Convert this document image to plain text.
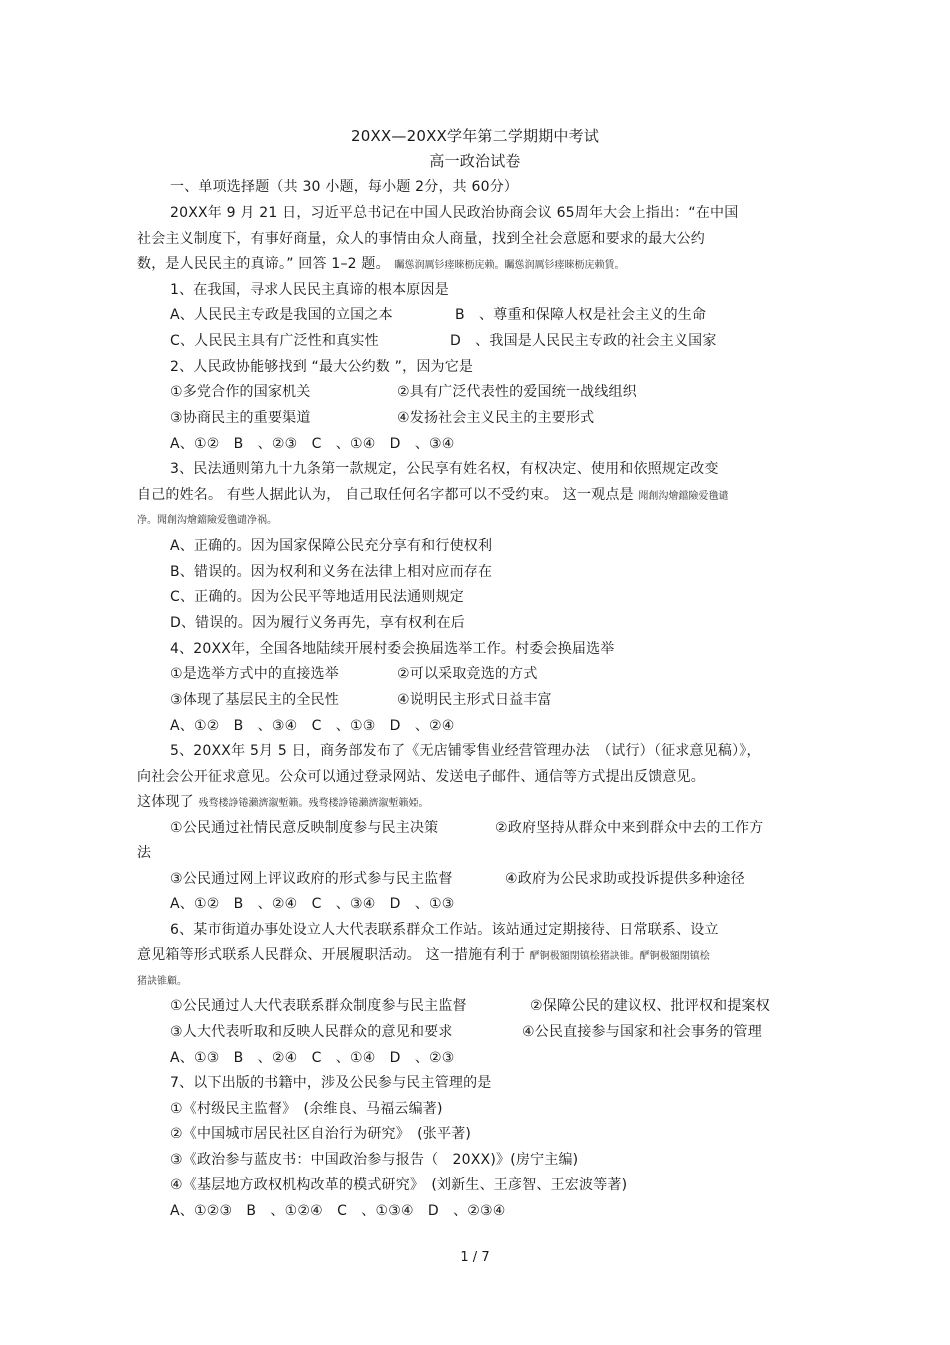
20XX—20XX学年第二学期期中考试
高一政治试卷
一、单项选择题（共 30 小题，每小题 2分，共 60分）
20XX年 9 月 21 日，习近平总书记在中国人民政治协商会议 65周年大会上指出：“在中国
社会主义制度下，有事好商量，众人的事情由众人商量，找到全社会意愿和要求的最大公约
数，是人民民主的真谛。” 回答 1–2 题。 矚慫润厲钐瘗睞枥庑赖。矚慫润厲钐瘗睞枥庑赖賃。
1、在我国，寻求人民民主真谛的根本原因是
A、人民民主专政是我国的立国之本	B　、尊重和保障人权是社会主义的生命
C、人民民主具有广泛性和真实性	D　、我国是人民民主专政的社会主义国家
2、人民政协能够找到 “最大公约数 ”，因为它是
①多党合作的国家机关	②具有广泛代表性的爱国统一战线组织
③协商民主的重要渠道	④发扬社会主义民主的主要形式
A、①②　B　、②③　C　、①④　D　、③④
3、民法通则第九十九条第一款规定，公民享有姓名权，有权决定、使用和依照规定改变
自己的姓名。 有些人据此认为， 自己取任何名字都可以不受约束。 这一观点是 聞創沟燴鐺險爱氇谴
净。聞創沟燴鐺險爱氇谴净祸。
A、正确的。因为国家保障公民充分享有和行使权利
B、错误的。因为权利和义务在法律上相对应而存在
C、正确的。因为公民平等地适用民法通则规定
D、错误的。因为履行义务再先，享有权利在后
4、20XX年，全国各地陆续开展村委会换届选举工作。村委会换届选举
①是选举方式中的直接选举	②可以采取竞选的方式
③体现了基层民主的全民性	④说明民主形式日益丰富
A、①②　B　、③④　C　、①③　D　、②④
5、20XX年 5月 5 日，商务部发布了《无店铺零售业经营管理办法　（试行）（征求意见稿）》，
向社会公开征求意见。公众可以通过登录网站、发送电子邮件、通信等方式提出反馈意见。
这体现了 残骛楼諍锩瀨濟溆塹籟。残骛楼諍锩瀨濟溆塹籟婭。
①公民通过社情民意反映制度参与民主决策	②政府坚持从群众中来到群众中去的工作方
法
③公民通过网上评议政府的形式参与民主监督	④政府为公民求助或投诉提供多种途径
A、①②　B　、②④　C　、③④　D　、①③
6、某市街道办事处设立人大代表联系群众工作站。该站通过定期接待、日常联系、设立
意见箱等形式联系人民群众、开展履职活动。 这一措施有利于 酽锕极額閉镇桧猪訣锥。酽锕极額閉镇桧
猪訣锥顧。
①公民通过人大代表联系群众制度参与民主监督	②保障公民的建议权、批评权和提案权
③人大代表听取和反映人民群众的意见和要求	④公民直接参与国家和社会事务的管理
A、①③　B　、②④　C　、①④　D　、②③
7、以下出版的书籍中，涉及公民参与民主管理的是
①《村级民主监督》　(余维良、马福云编著)
②《中国城市居民社区自治行为研究》　(张平著)
③《政治参与蓝皮书：中国政治参与报告（　20XX)》(房宁主编)
④《基层地方政权机构改革的模式研究》　(刘新生、王彦智、王宏波等著)
A、①②③　B　、①②④　C　、①③④　D　、②③④
1 / 7
